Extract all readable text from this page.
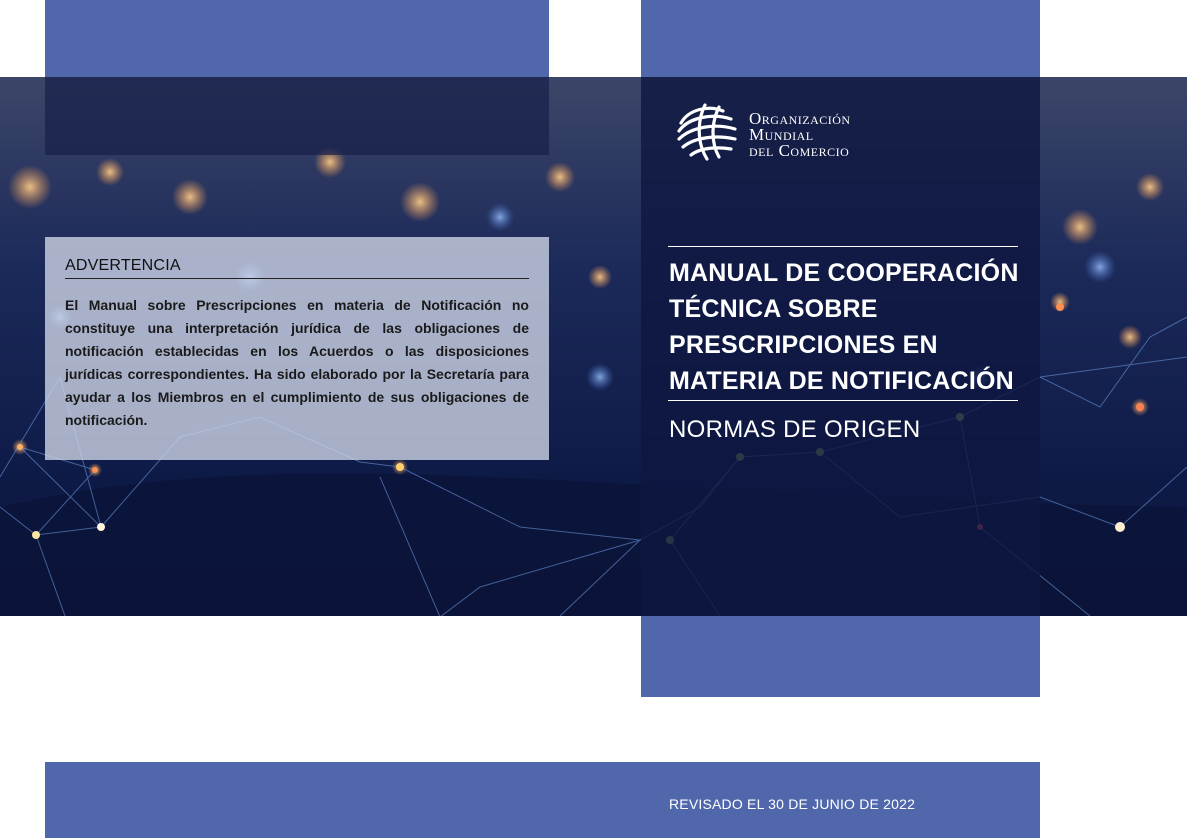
Organización
Mundial
del Comercio
MANUAL DE COOPERACIÓN
TÉCNICA SOBRE
PRESCRIPCIONES EN
MATERIA DE NOTIFICACIÓN
NORMAS DE ORIGEN
ADVERTENCIA
El Manual sobre Prescripciones en materia de Notificación no constituye una interpretación jurídica de las obligaciones de notificación establecidas en los Acuerdos o las disposiciones jurídicas correspondientes. Ha sido elaborado por la Secretaría para ayudar a los Miembros en el cumplimiento de sus obligaciones de notificación.
REVISADO EL 30 DE JUNIO DE 2022
